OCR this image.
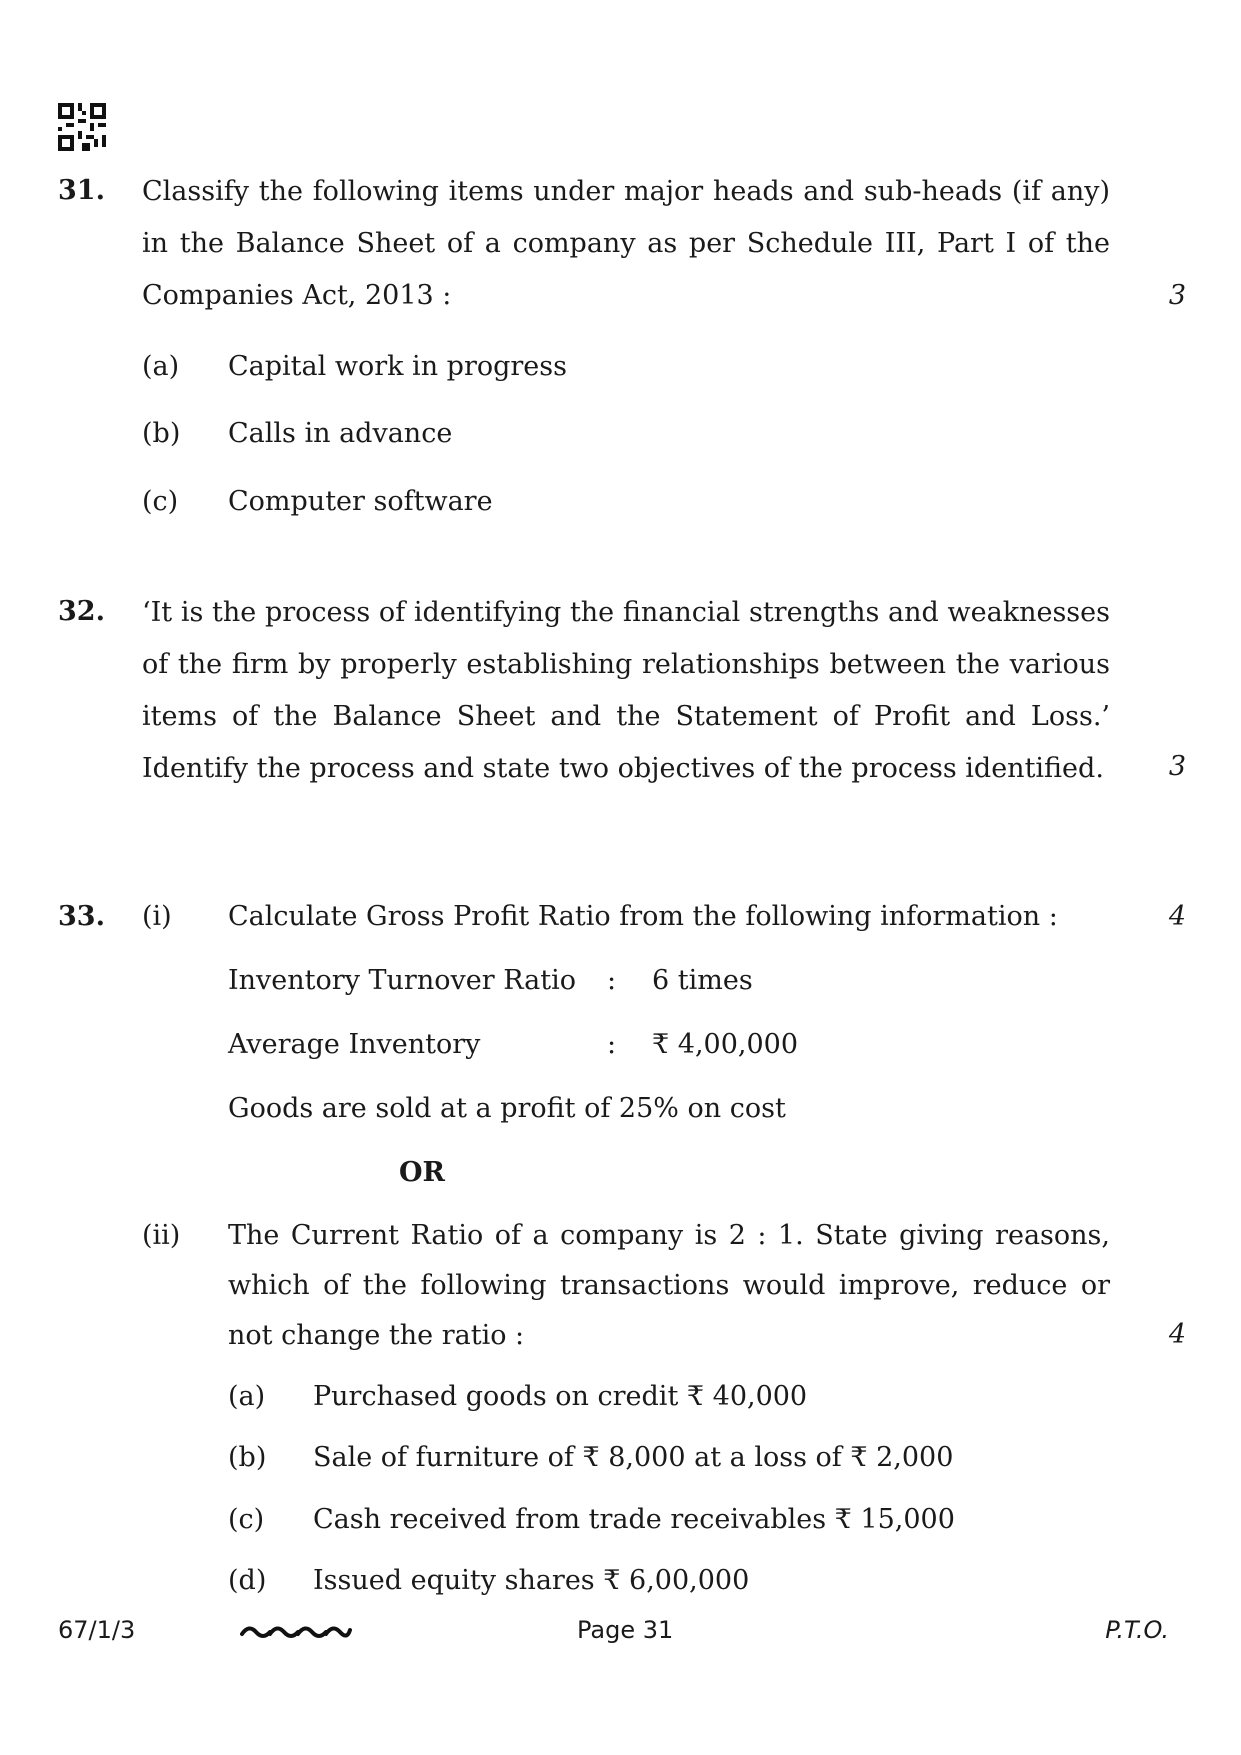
31. Classify the following items under major heads and sub-heads (if any) in the Balance Sheet of a company as per Schedule III, Part I of the Companies Act, 2013 :	3
(a) Capital work in progress
(b) Calls in advance
(c) Computer software
32. ‘It is the process of identifying the financial strengths and weaknesses of the firm by properly establishing relationships between the various items of the Balance Sheet and the Statement of Profit and Loss.’ Identify the process and state two objectives of the process identified. 3
33. (i) Calculate Gross Profit Ratio from the following information :	4
Inventory Turnover Ratio : 6 times
Average Inventory	: ₹ 4,00,000
Goods are sold at a profit of 25% on cost
OR
(ii) The Current Ratio of a company is 2 : 1. State giving reasons, which of the following transactions would improve, reduce or not change the ratio :	4
(a) Purchased goods on credit ₹ 40,000
(b) Sale of furniture of ₹ 8,000 at a loss of ₹ 2,000
(c) Cash received from trade receivables ₹ 15,000
(d) Issued equity shares ₹ 6,00,000
67/1/3	Page 31	P.T.O.
